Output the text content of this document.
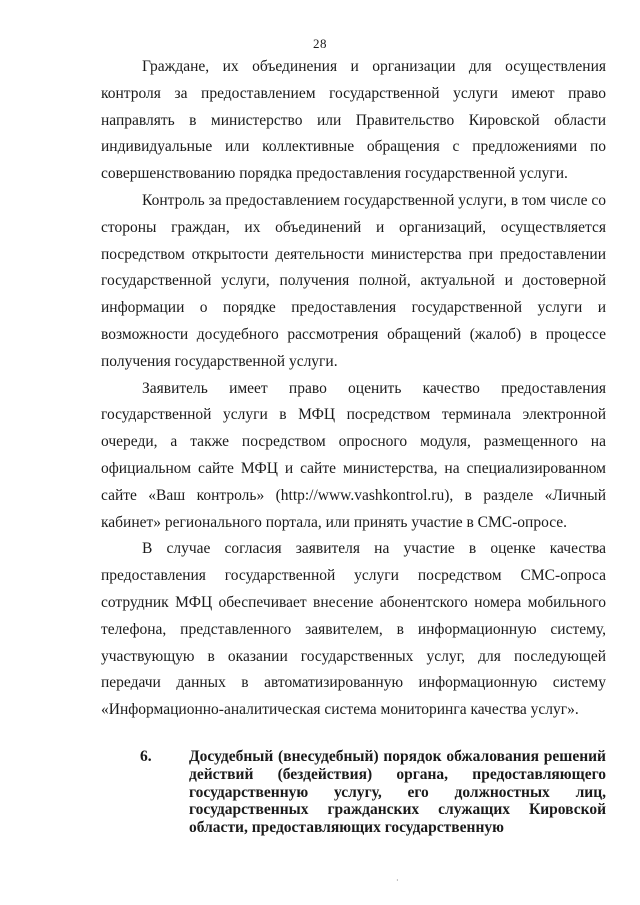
28

Граждане, их объединения и организации для осуществления контроля за предоставлением государственной услуги имеют право направлять в министерство или Правительство Кировской области индивидуальные или коллективные обращения с предложениями по совершенствованию порядка предоставления государственной услуги.

Контроль за предоставлением государственной услуги, в том числе со стороны граждан, их объединений и организаций, осуществляется посредством открытости деятельности министерства при предоставлении государственной услуги, получения полной, актуальной и достоверной информации о порядке предоставления государственной услуги и возможности досудебного рассмотрения обращений (жалоб) в процессе получения государственной услуги.

Заявитель имеет право оценить качество предоставления государственной услуги в МФЦ посредством терминала электронной очереди, а также посредством опросного модуля, размещенного на официальном сайте МФЦ и сайте министерства, на специализированном сайте «Ваш контроль» (http://www.vashkontrol.ru), в разделе «Личный кабинет» регионального портала, или принять участие в СМС-опросе.

В случае согласия заявителя на участие в оценке качества предоставления государственной услуги посредством СМС-опроса сотрудник МФЦ обеспечивает внесение абонентского номера мобильного телефона, представленного заявителем, в информационную систему, участвующую в оказании государственных услуг, для последующей передачи данных в автоматизированную информационную систему «Информационно-аналитическая система мониторинга качества услуг».

6.	Досудебный (внесудебный) порядок обжалования решений действий (бездействия) органа, предоставляющего государственную услугу, его должностных лиц, государственных гражданских служащих Кировской области, предоставляющих государственную
·
